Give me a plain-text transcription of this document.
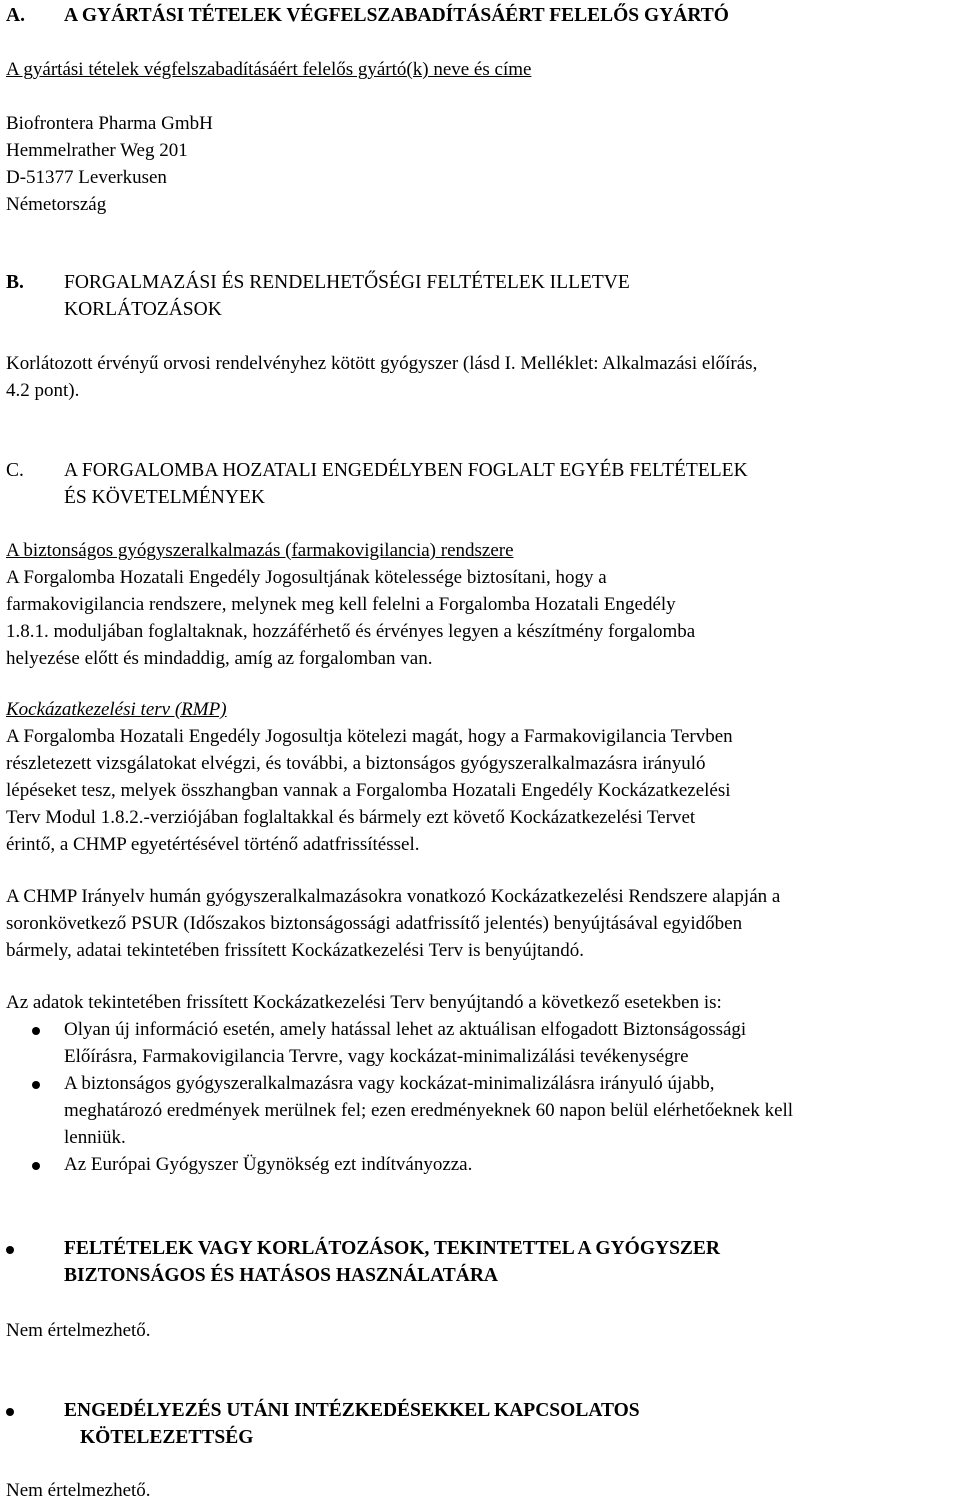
A.	A GYÁRTÁSI TÉTELEK VÉGFELSZABADÍTÁSÁÉRT FELELŐS GYÁRTÓ

A gyártási tételek végfelszabadításáért felelős gyártó(k) neve és címe

Biofrontera Pharma GmbH

Hemmelrather Weg 201

D-51377 Leverkusen

Németország

B.	FORGALMAZÁSI ÉS RENDELHETŐSÉGI FELTÉTELEK ILLETVE
KORLÁTOZÁSOK

Korlátozott érvényű orvosi rendelvényhez kötött gyógyszer (lásd I. Melléklet: Alkalmazási előírás,

4.2 pont).

C.	A FORGALOMBA HOZATALI ENGEDÉLYBEN FOGLALT EGYÉB FELTÉTELEK
ÉS KÖVETELMÉNYEK

A biztonságos gyógyszeralkalmazás (farmakovigilancia) rendszere

A Forgalomba Hozatali Engedély Jogosultjának kötelessége biztosítani, hogy a

farmakovigilancia rendszere, melynek meg kell felelni a Forgalomba Hozatali Engedély

1.8.1. moduljában foglaltaknak, hozzáférhető és érvényes legyen a készítmény forgalomba

helyezése előtt és mindaddig, amíg az forgalomban van.

Kockázatkezelési terv (RMP)

A Forgalomba Hozatali Engedély Jogosultja kötelezi magát, hogy a Farmakovigilancia Tervben

részletezett vizsgálatokat elvégzi, és további, a biztonságos gyógyszeralkalmazásra irányuló

lépéseket tesz, melyek összhangban vannak a Forgalomba Hozatali Engedély Kockázatkezelési

Terv Modul 1.8.2.-verziójában foglaltakkal és bármely ezt követő Kockázatkezelési Tervet

érintő, a CHMP egyetértésével történő adatfrissítéssel.

A CHMP Irányelv humán gyógyszeralkalmazásokra vonatkozó Kockázatkezelési Rendszere alapján a

soronkövetkező PSUR (Időszakos biztonságossági adatfrissítő jelentés) benyújtásával egyidőben

bármely, adatai tekintetében frissített Kockázatkezelési Terv is benyújtandó.

Az adatok tekintetében frissített Kockázatkezelési Terv benyújtandó a következő esetekben is:

Olyan új információ esetén, amely hatással lehet az aktuálisan elfogadott Biztonságossági
Előírásra, Farmakovigilancia Tervre, vagy kockázat-minimalizálási tevékenységre
A biztonságos gyógyszeralkalmazásra vagy kockázat-minimalizálásra irányuló újabb,
meghatározó eredmények merülnek fel; ezen eredményeknek 60 napon belül elérhetőeknek kell
lenniük.
Az Európai Gyógyszer Ügynökség ezt indítványozza.
FELTÉTELEK VAGY KORLÁTOZÁSOK, TEKINTETTEL A GYÓGYSZER
BIZTONSÁGOS ÉS HATÁSOS HASZNÁLATÁRA

Nem értelmezhető.

ENGEDÉLYEZÉS UTÁNI INTÉZKEDÉSEKKEL KAPCSOLATOS
KÖTELEZETTSÉG

Nem értelmezhető.
